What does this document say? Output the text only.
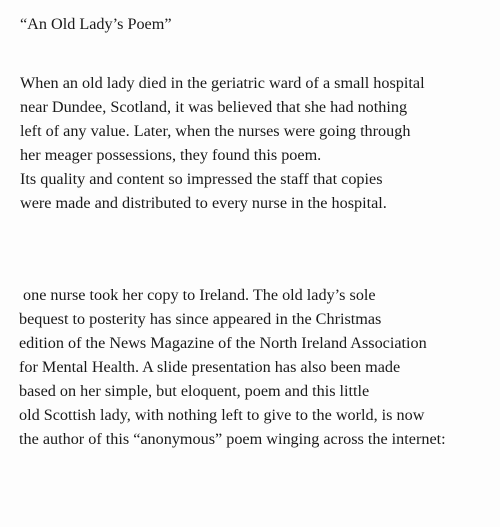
“An Old Lady’s Poem”
When an old lady died in the geriatric ward of a small hospital
near Dundee, Scotland, it was believed that she had nothing
left of any value. Later, when the nurses were going through
her meager possessions, they found this poem.
Its quality and content so impressed the staff that copies
were made and distributed to every nurse in the hospital.
one nurse took her copy to Ireland. The old lady’s sole
bequest to posterity has since appeared in the Christmas
edition of the News Magazine of the North Ireland Association
for Mental Health. A slide presentation has also been made
based on her simple, but eloquent, poem and this little
old Scottish lady, with nothing left to give to the world, is now
the author of this “anonymous” poem winging across the internet:
